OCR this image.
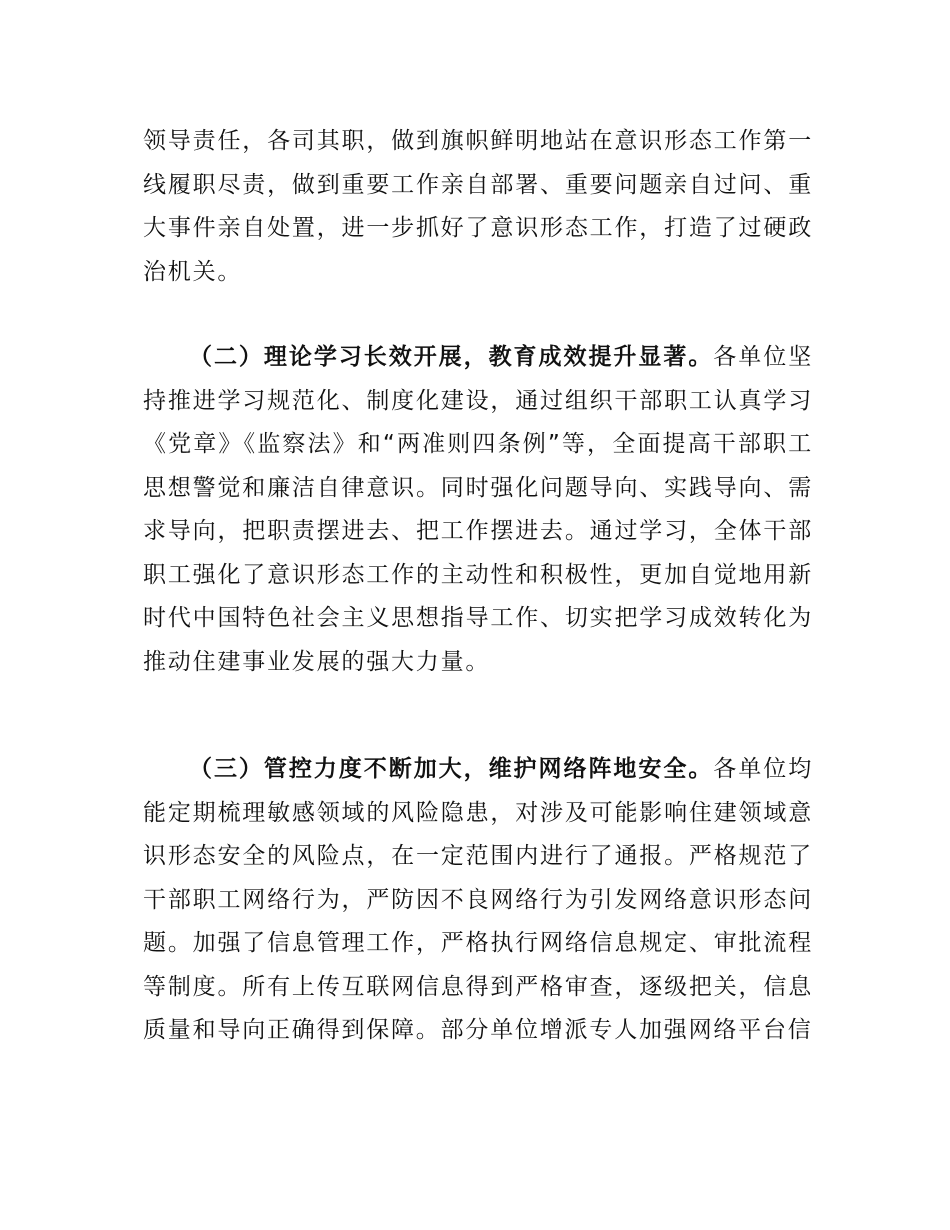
领导责任，各司其职，做到旗帜鲜明地站在意识形态工作第一线履职尽责，做到重要工作亲自部署、重要问题亲自过问、重大事件亲自处置，进一步抓好了意识形态工作，打造了过硬政治机关。

（二）理论学习长效开展，教育成效提升显著。各单位坚持推进学习规范化、制度化建设，通过组织干部职工认真学习《党章》《监察法》和“两准则四条例”等，全面提高干部职工思想警觉和廉洁自律意识。同时强化问题导向、实践导向、需求导向，把职责摆进去、把工作摆进去。通过学习，全体干部职工强化了意识形态工作的主动性和积极性，更加自觉地用新时代中国特色社会主义思想指导工作、切实把学习成效转化为推动住建事业发展的强大力量。

（三）管控力度不断加大，维护网络阵地安全。各单位均能定期梳理敏感领域的风险隐患，对涉及可能影响住建领域意识形态安全的风险点，在一定范围内进行了通报。严格规范了干部职工网络行为，严防因不良网络行为引发网络意识形态问题。加强了信息管理工作，严格执行网络信息规定、审批流程等制度。所有上传互联网信息得到严格审查，逐级把关，信息质量和导向正确得到保障。部分单位增派专人加强网络平台信
